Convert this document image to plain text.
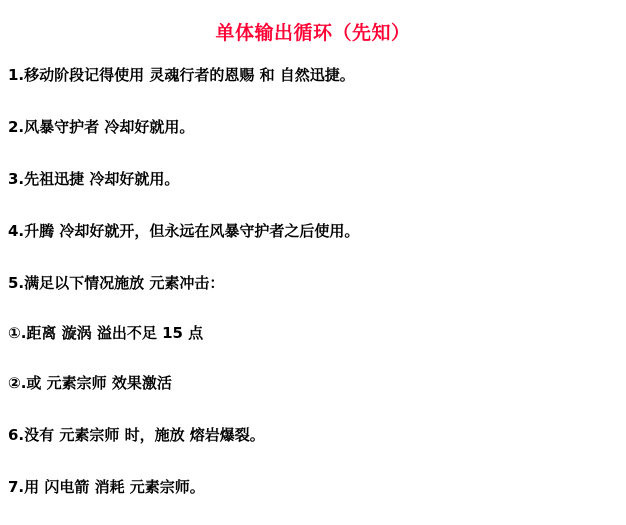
单体输出循环（先知）

1.移动阶段记得使用 灵魂行者的恩赐 和 自然迅捷。

2.风暴守护者 冷却好就用。

3.先祖迅捷 冷却好就用。

4.升腾 冷却好就开，但永远在风暴守护者之后使用。

5.满足以下情况施放 元素冲击：

①.距离 漩涡 溢出不足 15 点

②.或 元素宗师 效果激活

6.没有 元素宗师 时，施放 熔岩爆裂。

7.用 闪电箭 消耗 元素宗师。
